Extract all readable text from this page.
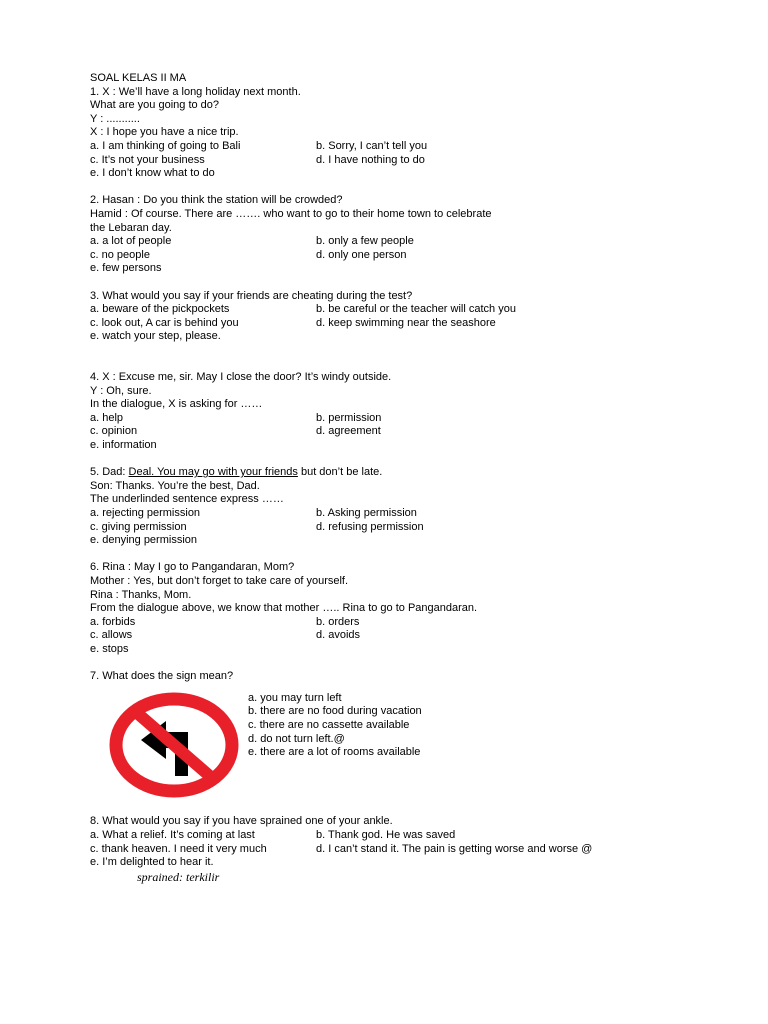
SOAL KELAS II MA
1. X : We’ll have a long holiday next month.
What are you going to do?
Y : ...........
X : I hope you have a nice trip.
a. I am thinking of going to Bali	b. Sorry, I can’t tell you
c. It’s not your business	d. I have nothing to do
e. I don’t know what to do
2. Hasan : Do you think the station will be crowded?
Hamid : Of course. There are ……. who want to go to their home town to celebrate
the Lebaran day.
a. a lot of people	b. only a few people
c. no people	d. only one person
e. few persons
3. What would you say if your friends are cheating during the test?
a. beware of the pickpockets	b. be careful or the teacher will catch you
c. look out, A car is behind you	d. keep swimming near the seashore
e. watch your step, please.
4. X : Excuse me, sir. May I close the door? It’s windy outside.
Y : Oh, sure.
In the dialogue, X is asking for ……
a. help	b. permission
c. opinion	d. agreement
e. information
5. Dad: Deal. You may go with your friends but don’t be late.
Son: Thanks. You’re the best, Dad.
The underlinded sentence express ……
a. rejecting permission	b. Asking permission
c. giving permission	d. refusing permission
e. denying permission
6. Rina : May I go to Pangandaran, Mom?
Mother : Yes, but don’t forget to take care of yourself.
Rina : Thanks, Mom.
From the dialogue above, we know that mother ….. Rina to go to Pangandaran.
a. forbids	b. orders
c. allows	d. avoids
e. stops
7. What does the sign mean?
a. you may turn left
b. there are no food during vacation
c. there are no cassette available
d. do not turn left.@
e. there are a lot of rooms available
8. What would you say if you have sprained one of your ankle.
a. What a relief. It’s coming at last	b. Thank god. He was saved
c. thank heaven. I need it very much	d. I can’t stand it. The pain is getting worse and worse @
e. I’m delighted to hear it.
sprained: terkilir
